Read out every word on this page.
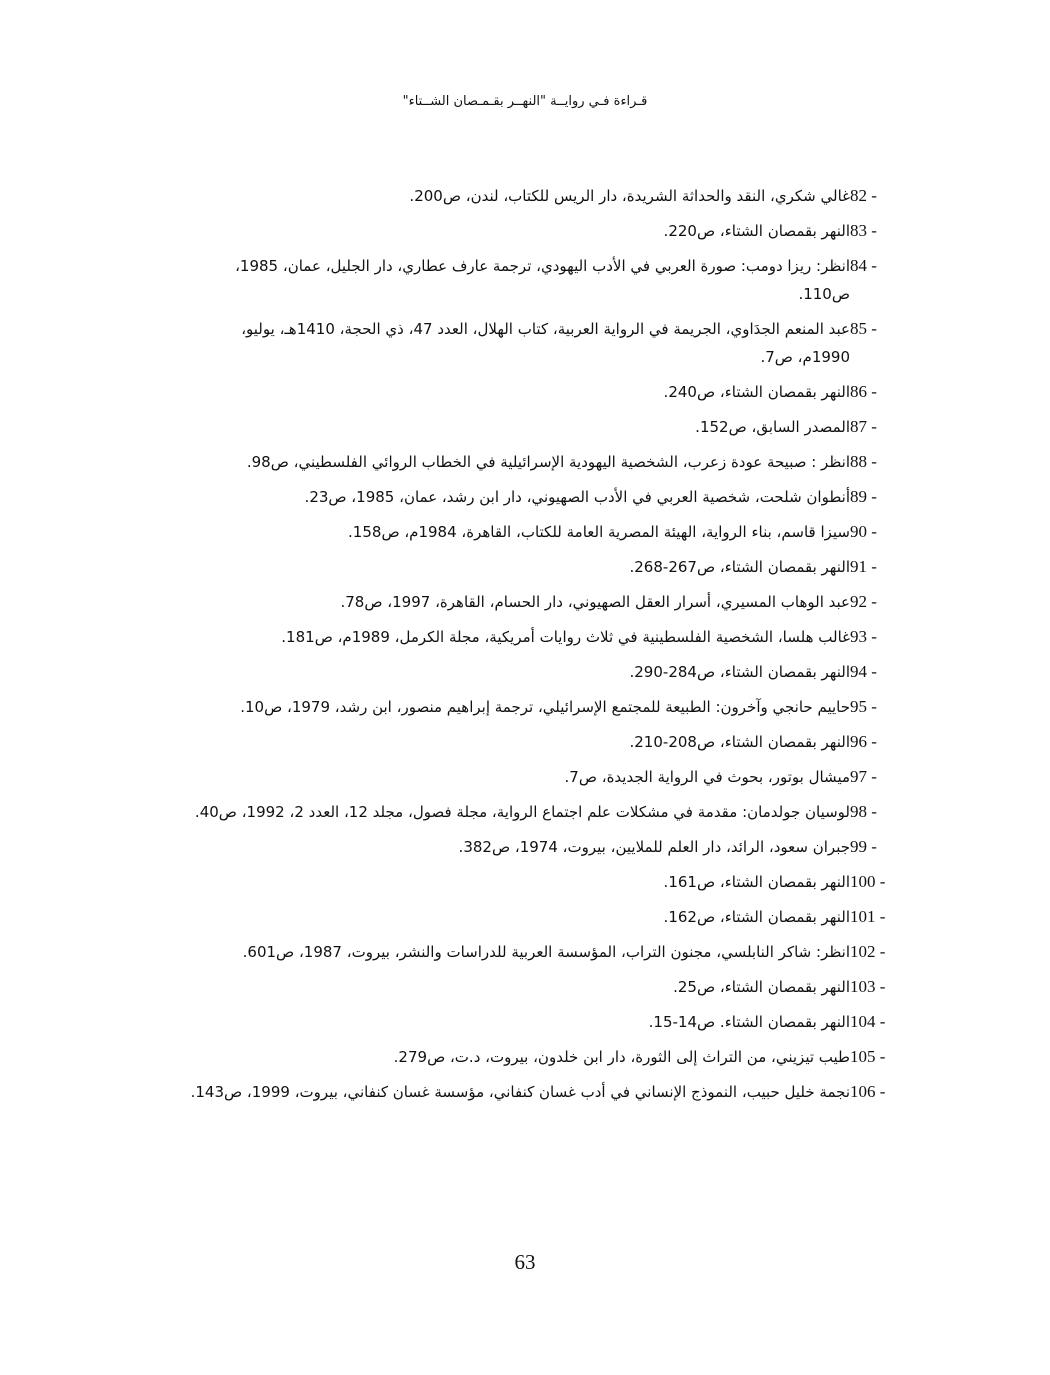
قـراءة فـي روايــة "النهــر بقـمـصان الشــتاء"
82 -
غالي شكري، النقد والحداثة الشريدة، دار الريس للكتاب، لندن، ص200.
83 -
النهر بقمصان الشتاء، ص220.
84 -
انظر: ريزا دومب: صورة العربي في الأدب اليهودي، ترجمة عارف عطاري، دار الجليل، عمان، 1985، ص110.
85 -
عبد المنعم الجدَاوي، الجريمة في الرواية العربية، كتاب الهلال، العدد 47، ذي الحجة، 1410هـ، يوليو، 1990م، ص7.
86 -
النهر بقمصان الشتاء، ص240.
87 -
المصدر السابق، ص152.
88 -
انظر : صبيحة عودة زعرب، الشخصية اليهودية الإسرائيلية في الخطاب الروائي الفلسطيني، ص98.
89 -
أنطوان شلحت، شخصية العربي في الأدب الصهيوني، دار ابن رشد، عمان، 1985، ص23.
90 -
سيزا قاسم، بناء الرواية، الهيئة المصرية العامة للكتاب، القاهرة، 1984م، ص158.
91 -
النهر بقمصان الشتاء، ص267-268.
92 -
عبد الوهاب المسيري، أسرار العقل الصهيوني، دار الحسام، القاهرة، 1997، ص78.
93 -
غالب هلسا، الشخصية الفلسطينية في ثلاث روايات أمريكية، مجلة الكرمل، 1989م، ص181.
94 -
النهر بقمصان الشتاء، ص284-290.
95 -
حاييم حانجي وآخرون: الطبيعة للمجتمع الإسرائيلي، ترجمة إبراهيم منصور، ابن رشد، 1979، ص10.
96 -
النهر بقمصان الشتاء، ص208-210.
97 -
ميشال بوتور، بحوث في الرواية الجديدة، ص7.
98 -
لوسيان جولدمان: مقدمة في مشكلات علم اجتماع الرواية، مجلة فصول، مجلد 12، العدد 2، 1992، ص40.
99 -
جبران سعود، الرائد، دار العلم للملايين، بيروت، 1974، ص382.
100 -
النهر بقمصان الشتاء، ص161.
101 -
النهر بقمصان الشتاء، ص162.
102 -
انظر: شاكر النابلسي، مجنون التراب، المؤسسة العربية للدراسات والنشر، بيروت، 1987، ص601.
103 -
النهر بقمصان الشتاء، ص25.
104 -
النهر بقمصان الشتاء. ص14-15.
105 -
طيب تيزيني، من التراث إلى الثورة، دار ابن خلدون، بيروت، د.ت، ص279.
106 -
نجمة خليل حبيب، النموذج الإنساني في أدب غسان كنفاني، مؤسسة غسان كنفاني، بيروت، 1999، ص143.
63
